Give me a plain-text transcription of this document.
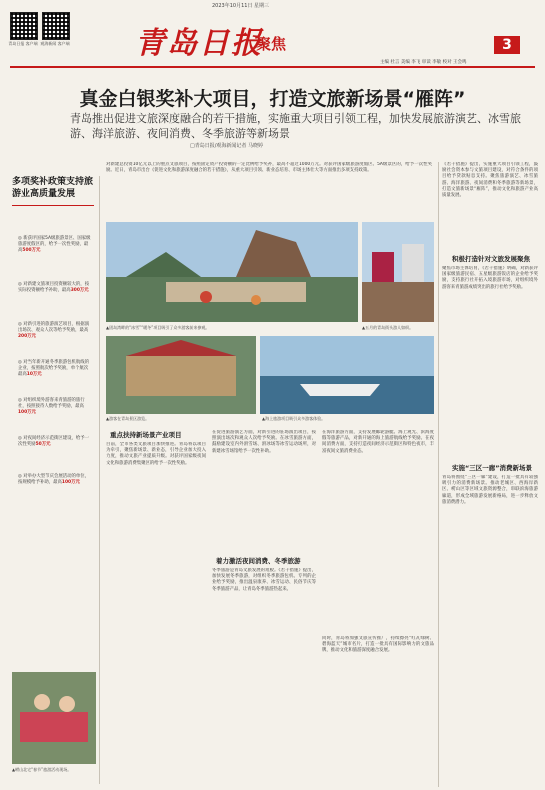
2023年10月11日 星期三
青岛日报 客户端 观海新闻 客户端 青岛日报
聚焦	3
主编 杜言 美编 李飞 审读 李敏 校对 王会鸣
真金白银奖补大项目，打造文旅新场景“雁阵”
青岛推出促进文旅深度融合的若干措施，实施重大项目引领工程，加快发展旅游演艺、冰雪旅游、海洋旅游、夜间消费、冬季旅游等新场景
□青岛日报/观海新闻记者 马晓婷
多项奖补政策支持旅游业高质量发展
◎ 新获评国家5A级旅游景区、国家级旅游度假区的，给予一次性奖励，最高500万元
◎ 对新建文旅项目投资额较大的，按实际投资额给予补助，最高300万元
◎ 对新引进的旅游演艺项目，根据演出场次、观众人次等给予奖励，最高200万元
◎ 对当年新开通冬季旅游包机航线的企业，按照航次给予奖励，单个航次最高10万元
◎ 对组织境外游客来青旅游的旅行社，按照接待人数给予奖励，最高100万元
◎ 对夜间经济示范街区建设，给予一次性奖励50万元
◎ 对举办大型节庆会展活动的单位，按规模给予补助，最高100万元
对新建总投资10亿元以上的重点文旅项目，按照固定资产投资额的一定比例给予奖补，最高不超过1000万元。对获评国家级旅游度假区、5A级景区的，给予一次性奖励。近日，青岛市出台《促进文化和旅游深度融合的若干措施》，从重大项目引领、新业态培育、市场主体壮大等方面推出多项支持政策。
▲团岛湾畔的“冰雪”“暖冬”项目吸引了众多游客前来参观。	▲五月的青岛街头游人如织。
▲游客在青岛景区游览。	▲海上旅游项目吸引众多游客体验。
《若干措施》提出，实施重大项目引领工程，鼓励社会资本参与文旅项目建设，对符合条件的项目给予贷款贴息支持。聚焦旅游演艺、冰雪旅游、海洋旅游、夜间消费和冬季旅游等新场景，打造文旅新场景“雁阵”，推动文化和旅游产业高质量发展。
积极打造针对文旅发展聚焦
聚焦市场主体培育，《若干措施》明确，对新获评国家级旅游民宿、五星级旅游饭店的企业给予奖励，支持旅行社开拓入境旅游市场，对组织境外游客来青旅游成绩突出的旅行社给予奖励。
实施“三区一廊”消费新场景
青岛将围绕“三区一廊”建设，打造一批具有较强吸引力的消费新场景。推动老城区、西海岸新区、崂山区等区域文旅资源整合，串联滨海旅游廊道，形成全域旅游发展新格局，进一步释放文旅消费潜力。
重点扶持新场景产业项目
目前，全市各类文旅项目加快推进。青岛将以项目为牵引，聚焦新场景、新业态，引导企业加大投入力度，推动文旅产业提质升级。对获评国家级夜间文化和旅游消费集聚区的给予一次性奖励。
在促进旅游演艺方面，对新引进的驻场演出项目，按照演出场次和观众人次给予奖励。在冰雪旅游方面，鼓励建设室内外滑雪场、滑冰场等冰雪运动场所，对新建冰雪场馆给予一次性补助。
着力激活夜间消费、冬季旅游
冬季旅游是青岛文旅发展的短板。《若干措施》提出，加快发展冬季旅游，对组织冬季旅游包机、专列的企业给予奖励，推出温泉康养、冰雪运动、民俗节庆等冬季旅游产品，让青岛冬季旅游热起来。
在海洋旅游方面，支持发展邮轮游艇、海上观光、滨海度假等旅游产品，对新开通的海上旅游航线给予奖励。在夜间消费方面，支持打造夜间经济示范街区和特色夜市，丰富夜间文旅消费业态。
同时，青岛将加强文旅宣传推广，持续擦亮“红瓦绿树、碧海蓝天”城市名片，打造一批具有国际影响力的文旅品牌，推动文化和旅游深度融合发展。
▲崂山北宅“春节”旅游活动现场。
